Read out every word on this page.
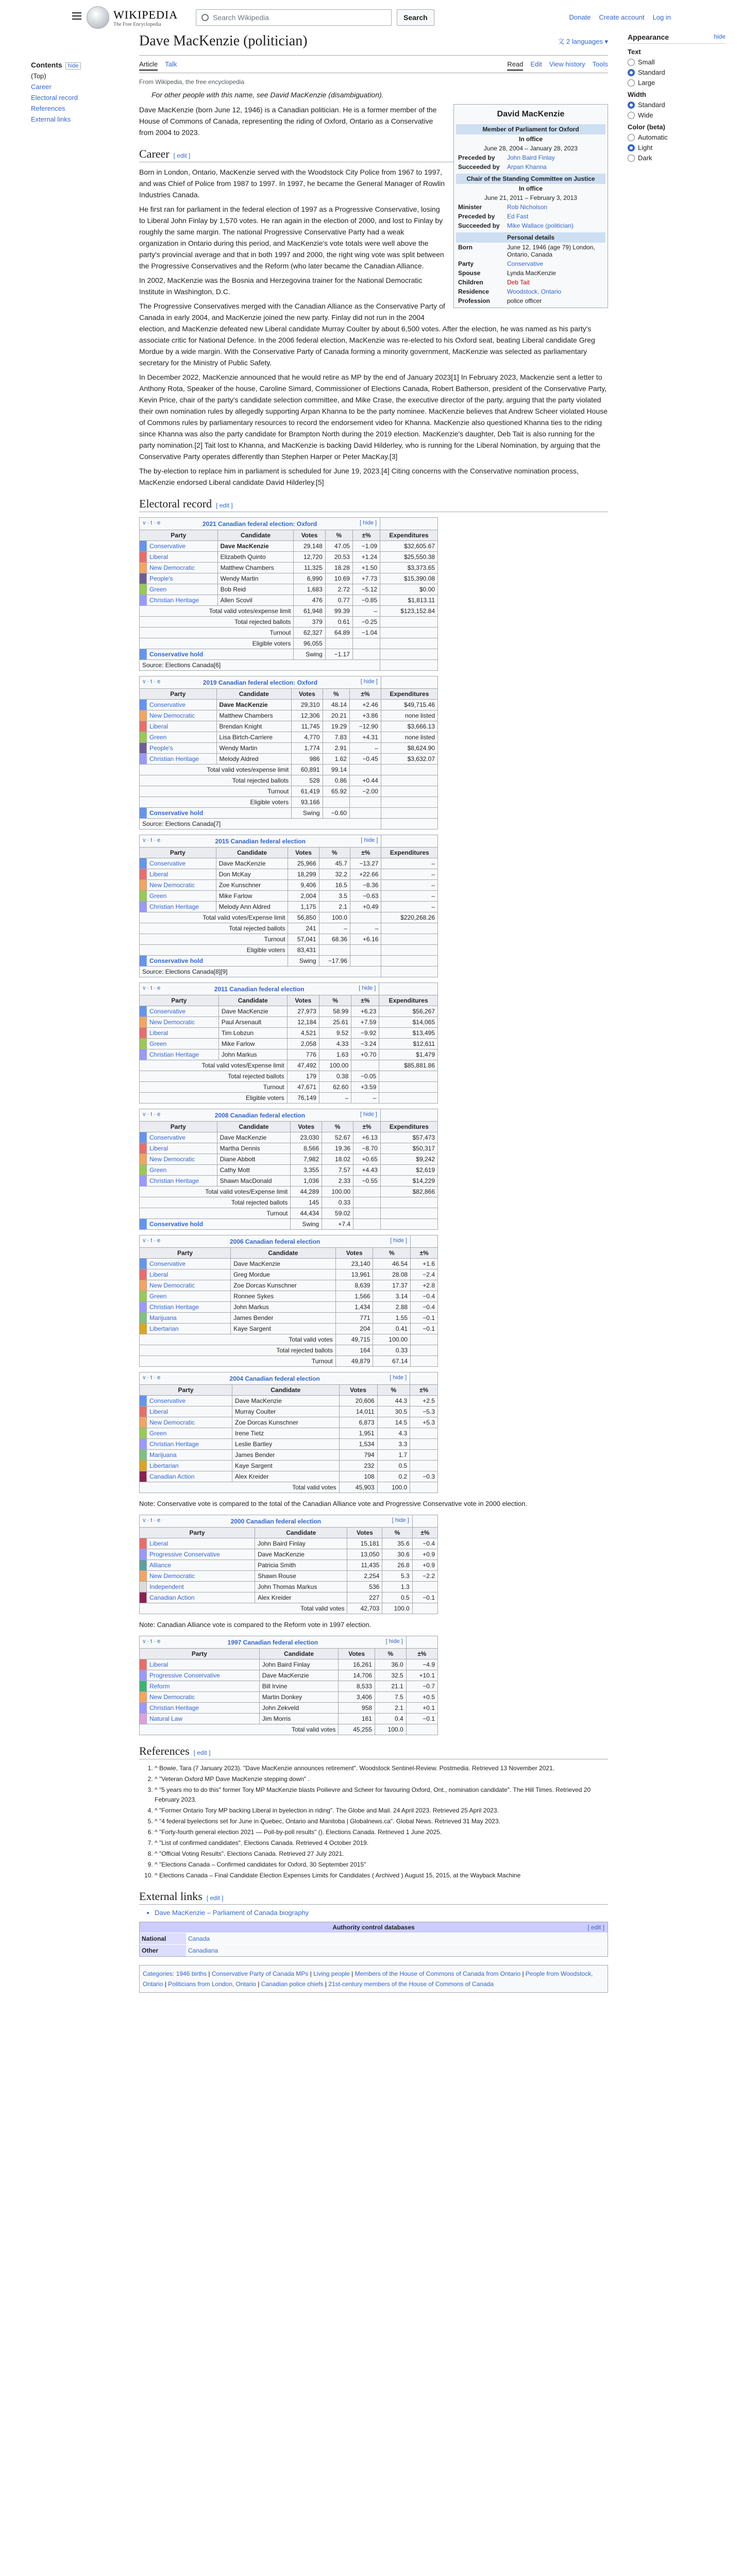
WIKIPEDIA
The Free Encyclopedia
Search Wikipedia	Search	Donate Create account Log in
Contents hide
(Top)
Career
Electoral record
References
External links
Appearance	hide
Text
Small
Standard
Large
Width
Standard
Wide
Color (beta)
Automatic
Light
Dark
Dave MacKenzie (politician)	文 2 languages ▾
Article Talk	Read Edit View history Tools
From Wikipedia, the free encyclopedia
For other people with this name, see David MacKenzie (disambiguation).
David MacKenzie
Member of Parliament for Oxford
In office
June 28, 2004 – January 28, 2023
Preceded by	John Baird Finlay
Succeeded by	Arpan Khanna
Chair of the Standing Committee on Justice
In office
June 21, 2011 – February 3, 2013
Minister	Rob Nicholson
Preceded by	Ed Fast
Succeeded by	Mike Wallace (politician)
Personal details
Born	June 12, 1946 (age 79) London, Ontario, Canada
Party	Conservative
Spouse	Lynda MacKenzie
Children	Deb Tait
Residence	Woodstock, Ontario
Profession	police officer

Dave MacKenzie (born June 12, 1946) is a Canadian politician. He is a former member of the House of Commons of Canada, representing the riding of Oxford, Ontario as a Conservative from 2004 to 2023.

Career [ edit ]

Born in London, Ontario, MacKenzie served with the Woodstock City Police from 1967 to 1997, and was Chief of Police from 1987 to 1997. In 1997, he became the General Manager of Rowlin Industries Canada.

He first ran for parliament in the federal election of 1997 as a Progressive Conservative, losing to Liberal John Finlay by 1,570 votes. He ran again in the election of 2000, and lost to Finlay by roughly the same margin. The national Progressive Conservative Party had a weak organization in Ontario during this period, and MacKenzie's vote totals were well above the party's provincial average and that in both 1997 and 2000, the right wing vote was split between the Progressive Conservatives and the Reform (who later became the Canadian Alliance.

In 2002, MacKenzie was the Bosnia and Herzegovina trainer for the National Democratic Institute in Washington, D.C.

The Progressive Conservatives merged with the Canadian Alliance as the Conservative Party of Canada in early 2004, and MacKenzie joined the new party. Finlay did not run in the 2004 election, and MacKenzie defeated new Liberal candidate Murray Coulter by about 6,500 votes. After the election, he was named as his party's associate critic for National Defence. In the 2006 federal election, MacKenzie was re-elected to his Oxford seat, beating Liberal candidate Greg Mordue by a wide margin. With the Conservative Party of Canada forming a minority government, MacKenzie was selected as parliamentary secretary for the Ministry of Public Safety.

In December 2022, MacKenzie announced that he would retire as MP by the end of January 2023[1] In February 2023, Mackenzie sent a letter to Anthony Rota, Speaker of the house, Caroline Simard, Commissioner of Elections Canada, Robert Batherson, president of the Conservative Party, Kevin Price, chair of the party's candidate selection committee, and Mike Crase, the executive director of the party, arguing that the party violated their own nomination rules by allegedly supporting Arpan Khanna to be the party nominee. MacKenzie believes that Andrew Scheer violated House of Commons rules by parliamentary resources to record the endorsement video for Khanna. MacKenzie also questioned Khanna ties to the riding since Khanna was also the party candidate for Brampton North during the 2019 election. MacKenzie's daughter, Deb Tait is also running for the party nomination.[2] Tait lost to Khanna, and MacKenzie is backing David Hilderley, who is running for the Liberal Nomination, by arguing that the Conservative Party operates differently than Stephen Harper or Peter MacKay.[3]

The by-election to replace him in parliament is scheduled for June 19, 2023.[4] Citing concerns with the Conservative nomination process, MacKenzie endorsed Liberal candidate David Hilderley.[5]

Electoral record [ edit ]
v · t · e 2021 Canadian federal election: Oxford [ hide ]						

Party		Candidate	Votes	%	±%	Expenditures
	Conservative	Dave MacKenzie	29,148	47.05	−1.09	$32,605.67
	Liberal	Elizabeth Quinto	12,720	20.53	+1.24	$25,550.38
	New Democratic	Matthew Chambers	11,325	18.28	+1.50	$3,373.65
	People's	Wendy Martin	6,990	10.69	+7.73	$15,390.08
	Green	Bob Reid	1,683	2.72	−5.12	$0.00
	Christian Heritage	Allen Scovil	476	0.77	−0.85	$1,813.11
Total valid votes/expense limit			61,948	99.39	–	$123,152.84
Total rejected ballots			379	0.61	−0.25	
Turnout			62,327	64.89	−1.04	
Eligible voters			96,055			
	Conservative hold		Swing	−1.17		
Source: Elections Canada[6]						
v · t · e 2019 Canadian federal election: Oxford [ hide ]						

Party		Candidate	Votes	%	±%	Expenditures
	Conservative	Dave MacKenzie	29,310	48.14	+2.46	$49,715.46
	New Democratic	Matthew Chambers	12,306	20.21	+3.86	none listed
	Liberal	Brendan Knight	11,745	19.29	−12.90	$3,666.13
	Green	Lisa Birtch-Carriere	4,770	7.83	+4.31	none listed
	People's	Wendy Martin	1,774	2.91	–	$8,624.90
	Christian Heritage	Melody Aldred	986	1.62	−0.45	$3,632.07
Total valid votes/expense limit			60,891	99.14		
Total rejected ballots			528	0.86	+0.44	
Turnout			61,419	65.92	−2.00	
Eligible voters			93,166			
	Conservative hold		Swing	−0.60		
Source: Elections Canada[7]						
v · t · e 2015 Canadian federal election [ hide ]						

Party		Candidate	Votes	%	±%	Expenditures
	Conservative	Dave MacKenzie	25,966	45.7	−13.27	–
	Liberal	Don McKay	18,299	32.2	+22.66	–
	New Democratic	Zoe Kunschner	9,406	16.5	−8.36	–
	Green	Mike Farlow	2,004	3.5	−0.63	–
	Christian Heritage	Melody Ann Aldred	1,175	2.1	+0.49	–
Total valid votes/Expense limit			56,850	100.0		$220,268.26
Total rejected ballots			241	–	–	
Turnout			57,041	68.36	+6.16	
Eligible voters			83,431			
	Conservative hold		Swing	−17.96		
Source: Elections Canada[8][9]						
v · t · e 2011 Canadian federal election [ hide ]						

Party		Candidate	Votes	%	±%	Expenditures
	Conservative	Dave MacKenzie	27,973	58.99	+6.23	$56,267
	New Democratic	Paul Arsenault	12,184	25.61	+7.59	$14,065
	Liberal	Tim Lobzun	4,521	9.52	−9.92	$13,495
	Green	Mike Farlow	2,058	4.33	−3.24	$12,611
	Christian Heritage	John Markus	776	1.63	+0.70	$1,479
Total valid votes/Expense limit			47,492	100.00		$85,881.86
Total rejected ballots			179	0.38	−0.05	
Turnout			47,671	62.60	+3.59	
Eligible voters			76,149	–	–	
v · t · e 2008 Canadian federal election [ hide ]						

Party		Candidate	Votes	%	±%	Expenditures
	Conservative	Dave MacKenzie	23,030	52.67	+6.13	$57,473
	Liberal	Martha Dennis	8,566	19.36	−8.70	$50,317
	New Democratic	Diane Abbott	7,982	18.02	+0.65	$9,242
	Green	Cathy Mott	3,355	7.57	+4.43	$2,619
	Christian Heritage	Shawn MacDonald	1,036	2.33	−0.55	$14,229
Total valid votes/Expense limit			44,289	100.00		$82,866
Total rejected ballots			145	0.33		
Turnout			44,434	59.02		
	Conservative hold		Swing	+7.4		
v · t · e 2006 Canadian federal election [ hide ]					

Party		Candidate	Votes	%	±%
	Conservative	Dave MacKenzie	23,140	46.54	+1.6
	Liberal	Greg Mordue	13,961	28.08	−2.4
	New Democratic	Zoe Dorcas Kunschner	8,639	17.37	+2.8
	Green	Ronnee Sykes	1,566	3.14	−0.4
	Christian Heritage	John Markus	1,434	2.88	−0.4
	Marijuana	James Bender	771	1.55	−0.1
	Libertarian	Kaye Sargent	204	0.41	−0.1
Total valid votes			49,715	100.00	
Total rejected ballots			164	0.33	
Turnout			49,879	67.14	
v · t · e 2004 Canadian federal election [ hide ]					

Party		Candidate	Votes	%	±%
	Conservative	Dave MacKenzie	20,606	44.3	+2.5
	Liberal	Murray Coulter	14,011	30.5	−5.3
	New Democratic	Zoe Dorcas Kunschner	6,873	14.5	+5.3
	Green	Irene Tietz	1,951	4.3	
	Christian Heritage	Leslie Bartley	1,534	3.3	
	Marijuana	James Bender	794	1.7	
	Libertarian	Kaye Sargent	232	0.5	
	Canadian Action	Alex Kreider	108	0.2	−0.3
Total valid votes			45,903	100.0	

Note: Conservative vote is compared to the total of the Canadian Alliance vote and Progressive Conservative vote in 2000 election.

v · t · e 2000 Canadian federal election [ hide ]					

Party		Candidate	Votes	%	±%
	Liberal	John Baird Finlay	15,181	35.6	−0.4
	Progressive Conservative	Dave MacKenzie	13,050	30.6	+0.9
	Alliance	Patricia Smith	11,435	26.8	+0.9
	New Democratic	Shawn Rouse	2,254	5.3	−2.2
	Independent	John Thomas Markus	536	1.3	
	Canadian Action	Alex Kreider	227	0.5	−0.1
Total valid votes			42,703	100.0	

Note: Canadian Alliance vote is compared to the Reform vote in 1997 election.

v · t · e 1997 Canadian federal election [ hide ]					

Party		Candidate	Votes	%	±%
	Liberal	John Baird Finlay	16,261	36.0	−4.9
	Progressive Conservative	Dave MacKenzie	14,706	32.5	+10.1
	Reform	Bill Irvine	8,533	21.1	−0.7
	New Democratic	Martin Donkey	3,406	7.5	+0.5
	Christian Heritage	John Zekveld	958	2.1	+0.1
	Natural Law	Jim Morris	161	0.4	−0.1
Total valid votes			45,255	100.0	
References [ edit ]
1. ^ Bowie, Tara (7 January 2023). "Dave MacKenzie announces retirement". Woodstock Sentinel-Review. Postmedia. Retrieved 13 November 2021.
2. ^ "Veteran Oxford MP Dave MacKenzie stepping down" .
3. ^ "5 years mo to do this" former Tory MP MacKenzie blasts Poilievre and Scheer for favouring Oxford, Ont., nomination candidate". The Hill Times. Retrieved 20 February 2023.
4. ^ "Former Ontario Tory MP backing Liberal in byelection in riding". The Globe and Mail. 24 April 2023. Retrieved 25 April 2023.
5. ^ "4 federal byelections set for June in Quebec, Ontario and Manitoba | Globalnews.ca". Global News. Retrieved 31 May 2023.
6. ^ "Forty-fourth general election 2021 — Poll-by-poll results" (). Elections Canada. Retrieved 1 June 2025.
7. ^ "List of confirmed candidates". Elections Canada. Retrieved 4 October 2019.
8. ^ "Official Voting Results". Elections Canada. Retrieved 27 July 2021.
9. ^ "Elections Canada – Confirmed candidates for Oxford, 30 September 2015"
10. ^ Elections Canada – Final Candidate Election Expenses Limits for Candidates ( Archived ) August 15, 2015, at the Wayback Machine
External links [ edit ]
• Dave MacKenzie – Parliament of Canada biography
Authority control databases	[ edit ]
National	Canada
Other	Canadiana
Categories: 1946 births | Conservative Party of Canada MPs | Living people | Members of the House of Commons of Canada from Ontario | People from Woodstock, Ontario | Politicians from London, Ontario | Canadian police chiefs | 21st-century members of the House of Commons of Canada
